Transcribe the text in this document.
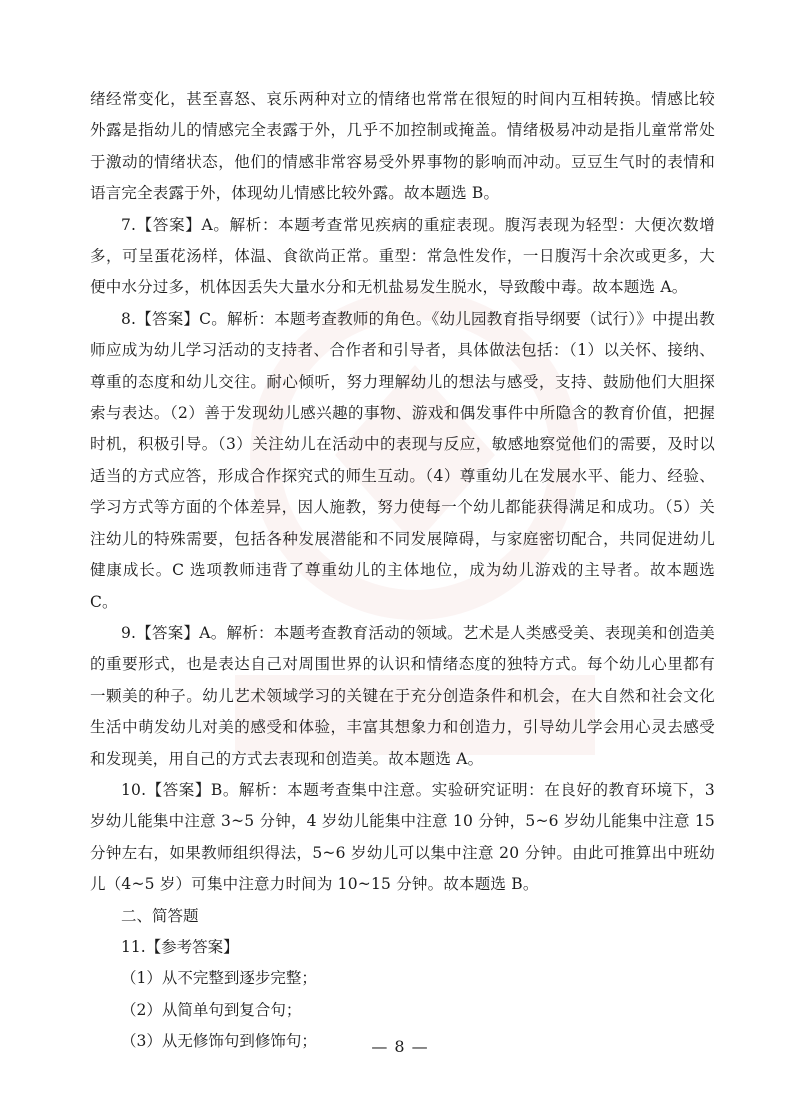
绪经常变化，甚至喜怒、哀乐两种对立的情绪也常常在很短的时间内互相转换。情感比较外露是指幼儿的情感完全表露于外，几乎不加控制或掩盖。情绪极易冲动是指儿童常常处于激动的情绪状态，他们的情感非常容易受外界事物的影响而冲动。豆豆生气时的表情和语言完全表露于外，体现幼儿情感比较外露。故本题选 B。

7.【答案】A。解析：本题考查常见疾病的重症表现。腹泻表现为轻型：大便次数增多，可呈蛋花汤样，体温、食欲尚正常。重型：常急性发作，一日腹泻十余次或更多，大便中水分过多，机体因丢失大量水分和无机盐易发生脱水，导致酸中毒。故本题选 A。

8.【答案】C。解析：本题考查教师的角色。《幼儿园教育指导纲要（试行）》中提出教师应成为幼儿学习活动的支持者、合作者和引导者，具体做法包括：（1）以关怀、接纳、尊重的态度和幼儿交往。耐心倾听，努力理解幼儿的想法与感受，支持、鼓励他们大胆探索与表达。（2）善于发现幼儿感兴趣的事物、游戏和偶发事件中所隐含的教育价值，把握时机，积极引导。（3）关注幼儿在活动中的表现与反应，敏感地察觉他们的需要，及时以适当的方式应答，形成合作探究式的师生互动。（4）尊重幼儿在发展水平、能力、经验、学习方式等方面的个体差异，因人施教，努力使每一个幼儿都能获得满足和成功。（5）关注幼儿的特殊需要，包括各种发展潜能和不同发展障碍，与家庭密切配合，共同促进幼儿健康成长。C 选项教师违背了尊重幼儿的主体地位，成为幼儿游戏的主导者。故本题选 C。

9.【答案】A。解析：本题考查教育活动的领域。艺术是人类感受美、表现美和创造美的重要形式，也是表达自己对周围世界的认识和情绪态度的独特方式。每个幼儿心里都有一颗美的种子。幼儿艺术领域学习的关键在于充分创造条件和机会，在大自然和社会文化生活中萌发幼儿对美的感受和体验，丰富其想象力和创造力，引导幼儿学会用心灵去感受和发现美，用自己的方式去表现和创造美。故本题选 A。

10.【答案】B。解析：本题考查集中注意。实验研究证明：在良好的教育环境下，3 岁幼儿能集中注意 3~5 分钟，4 岁幼儿能集中注意 10 分钟，5~6 岁幼儿能集中注意 15 分钟左右，如果教师组织得法，5~6 岁幼儿可以集中注意 20 分钟。由此可推算出中班幼儿（4~5 岁）可集中注意力时间为 10~15 分钟。故本题选 B。

二、简答题

11.【参考答案】

（1）从不完整到逐步完整；

（2）从简单句到复合句；

（3）从无修饰句到修饰句；	— 8 —
